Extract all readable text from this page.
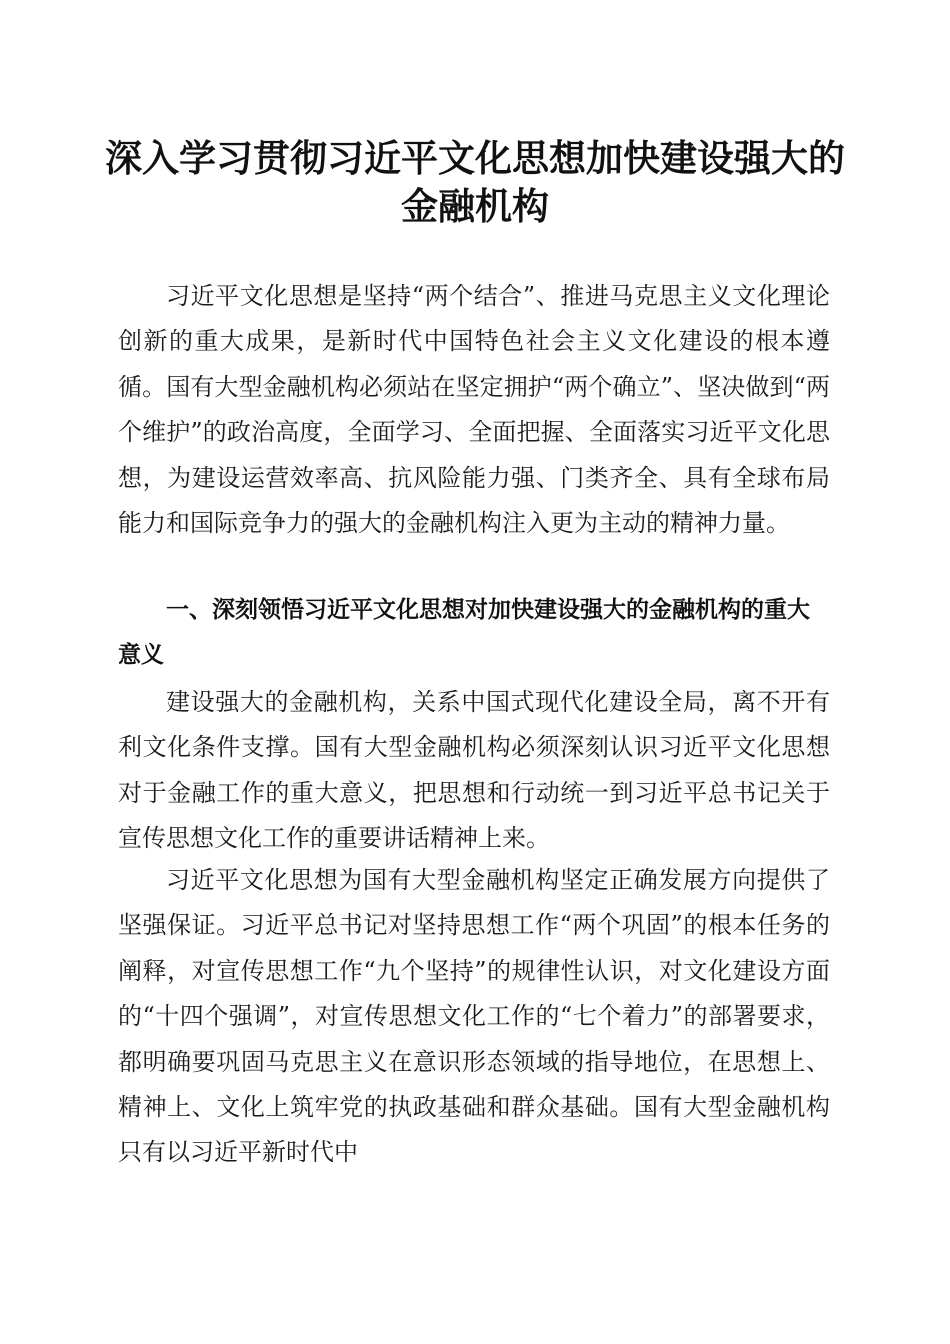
深入学习贯彻习近平文化思想加快建设强大的
金融机构

习近平文化思想是坚持“两个结合”、推进马克思主义文化理论创新的重大成果，是新时代中国特色社会主义文化建设的根本遵循。国有大型金融机构必须站在坚定拥护“两个确立”、坚决做到“两个维护”的政治高度，全面学习、全面把握、全面落实习近平文化思想，为建设运营效率高、抗风险能力强、门类齐全、具有全球布局能力和国际竞争力的强大的金融机构注入更为主动的精神力量。

一、深刻领悟习近平文化思想对加快建设强大的金融机构的重大意义

建设强大的金融机构，关系中国式现代化建设全局，离不开有利文化条件支撑。国有大型金融机构必须深刻认识习近平文化思想对于金融工作的重大意义，把思想和行动统一到习近平总书记关于宣传思想文化工作的重要讲话精神上来。

习近平文化思想为国有大型金融机构坚定正确发展方向提供了坚强保证。习近平总书记对坚持思想工作“两个巩固”的根本任务的阐释，对宣传思想工作“九个坚持”的规律性认识，对文化建设方面的“十四个强调”，对宣传思想文化工作的“七个着力”的部署要求，都明确要巩固马克思主义在意识形态领域的指导地位，在思想上、精神上、文化上筑牢党的执政基础和群众基础。国有大型金融机构只有以习近平新时代中
